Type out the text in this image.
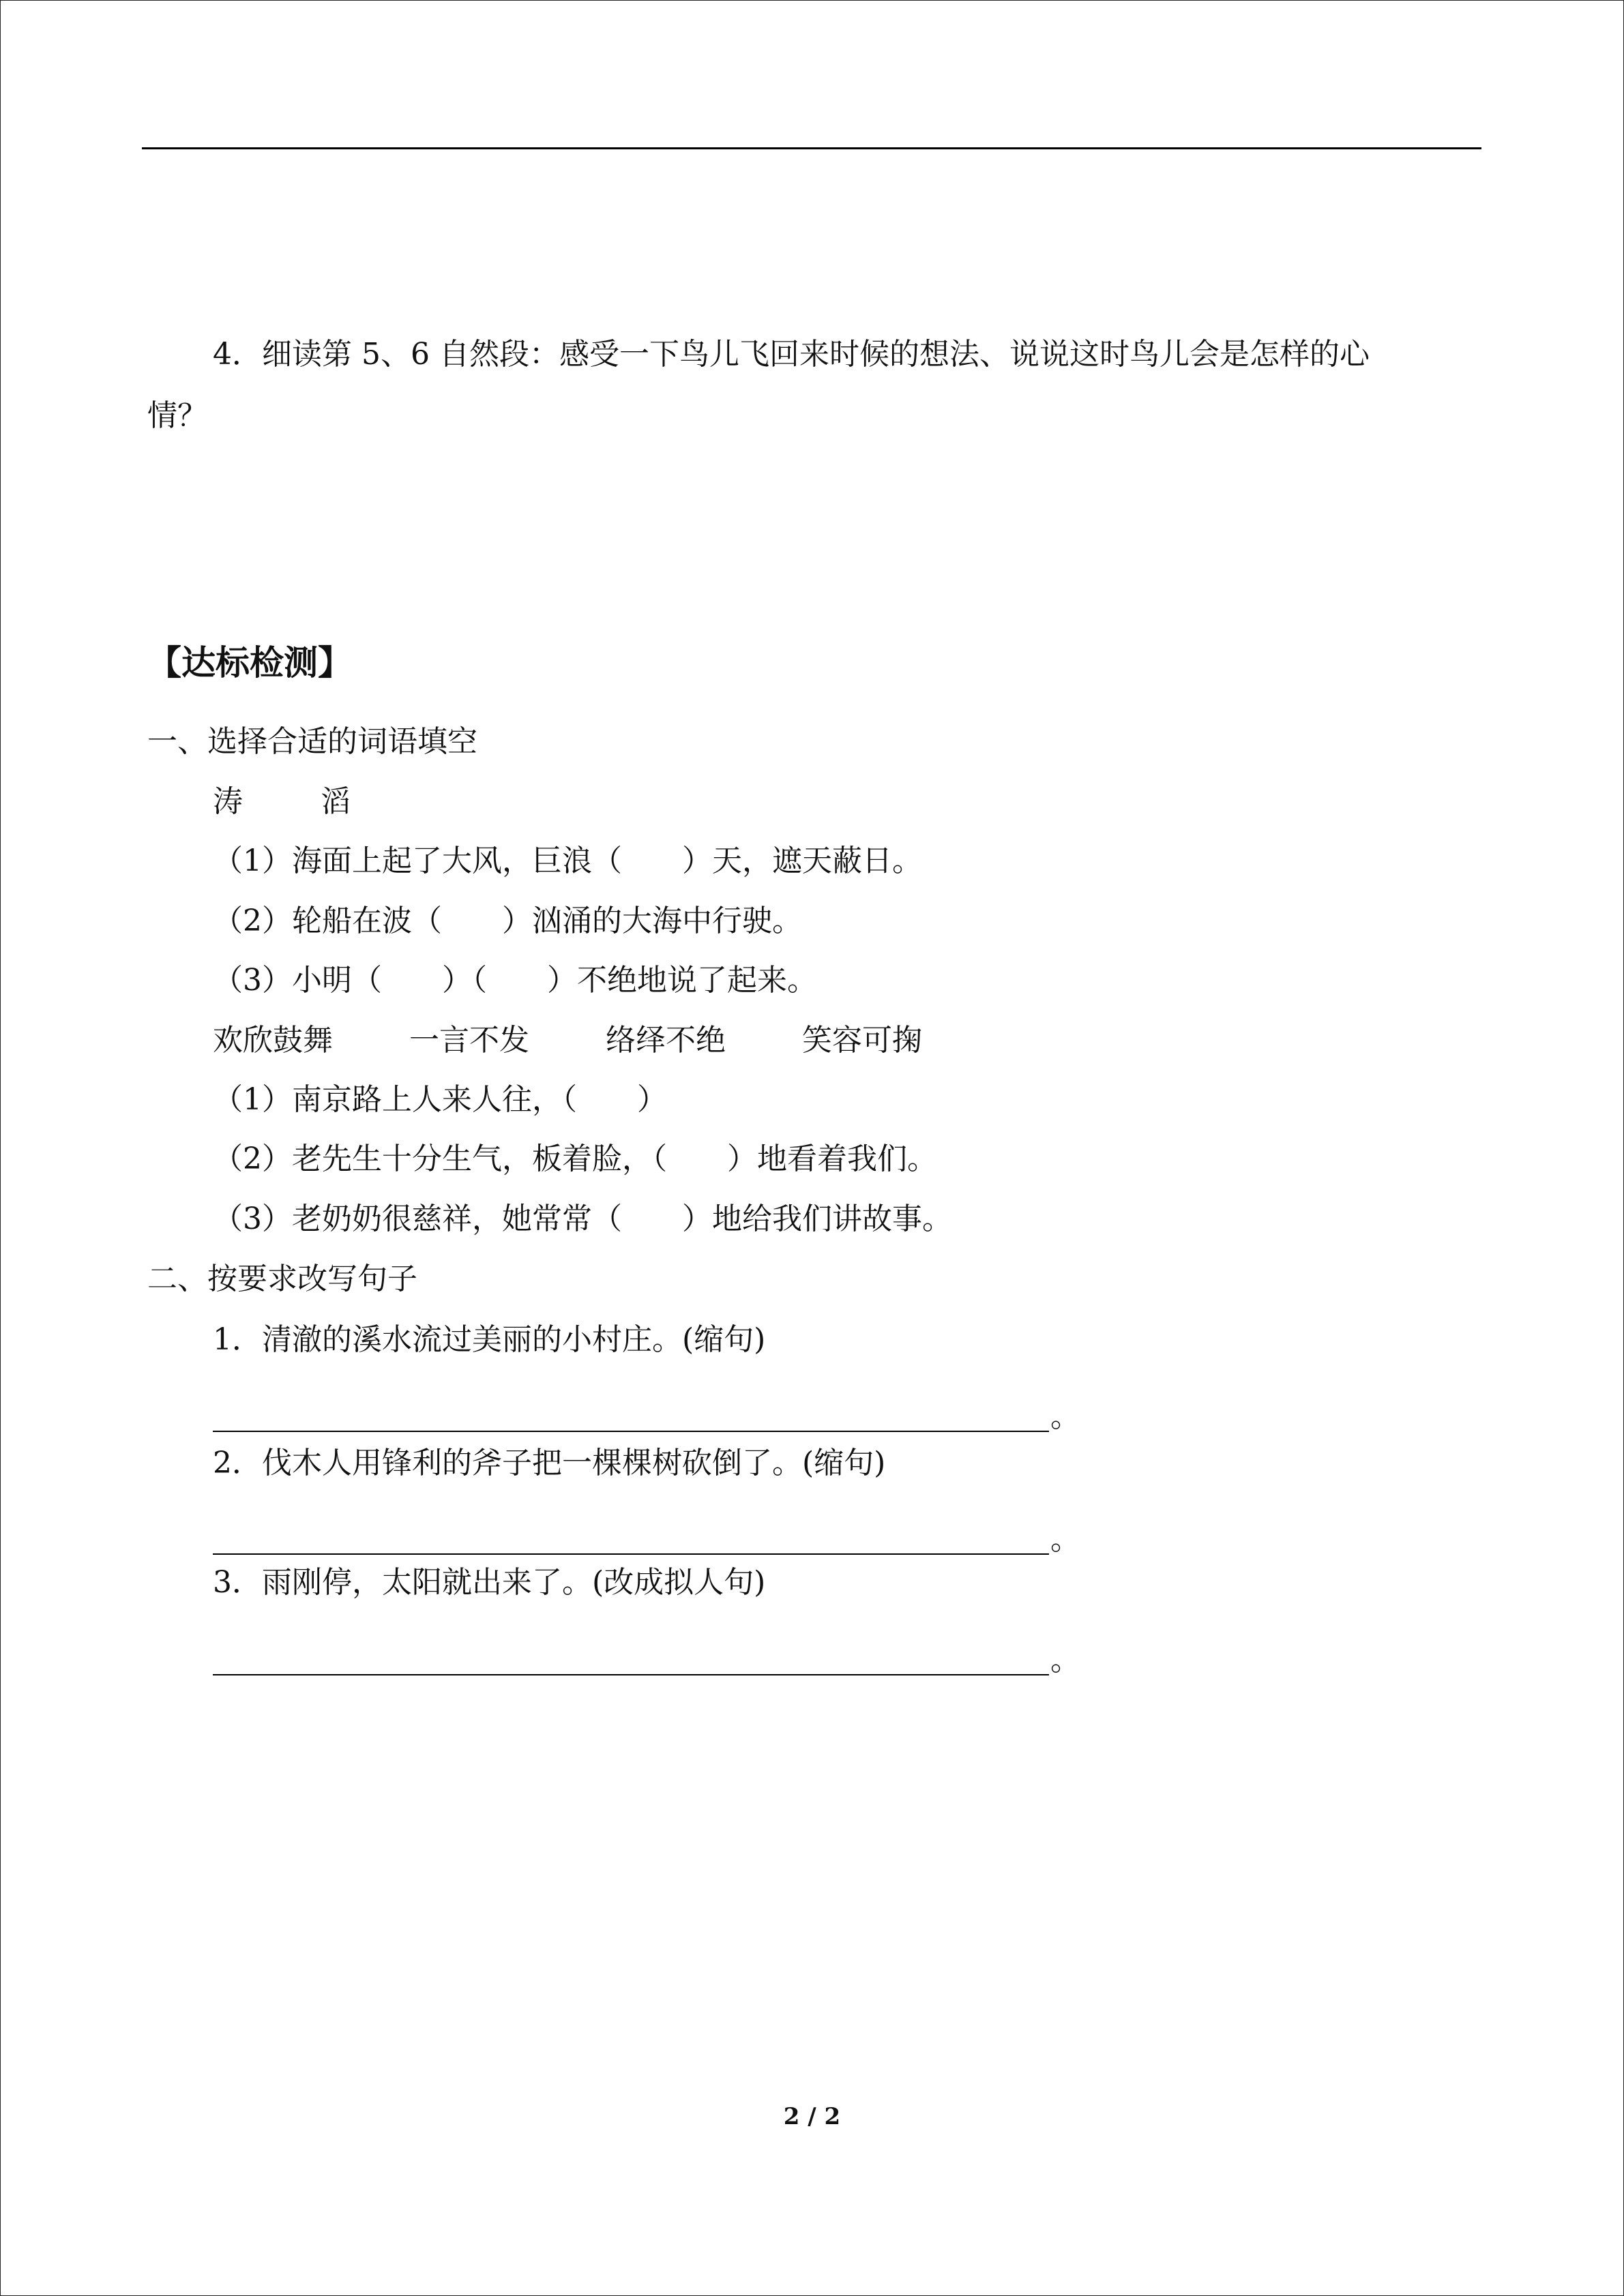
4．细读第 5、6 自然段：感受一下鸟儿飞回来时候的想法、说说这时鸟儿会是怎样的心
情？
【达标检测】
一、选择合适的词语填空
涛	滔
（1）海面上起了大风，巨浪（　　）天，遮天蔽日。
（2）轮船在波（　　）汹涌的大海中行驶。
（3）小明（　　）（　　）不绝地说了起来。
欢欣鼓舞	一言不发	络绎不绝	笑容可掬
（1）南京路上人来人往，（　　）
（2）老先生十分生气，板着脸，（　　）地看着我们。
（3）老奶奶很慈祥，她常常（　　）地给我们讲故事。
二、按要求改写句子
1．清澈的溪水流过美丽的小村庄。(缩句)
。
2．伐木人用锋利的斧子把一棵棵树砍倒了。(缩句)
。
3．雨刚停，太阳就出来了。(改成拟人句)
。
2 / 2
